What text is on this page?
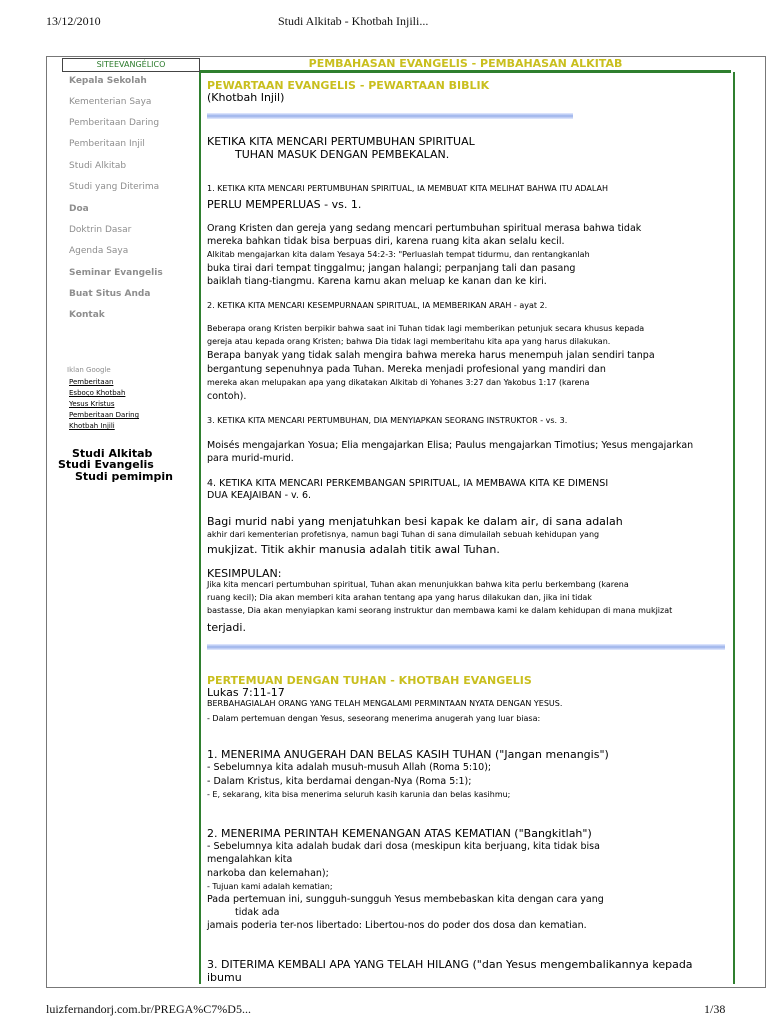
13/12/2010	Studi Alkitab - Khotbah Injili...
SITEEVANGÉLICO	PEMBAHASAN EVANGELIS - PEMBAHASAN ALKITAB
Kepala Sekolah
Kementerian Saya
Pemberitaan Daring
Pemberitaan Injil
Studi Alkitab
Studi yang Diterima
Doa
Doktrin Dasar
Agenda Saya
Seminar Evangelis
Buat Situs Anda
Kontak
Iklan Google
Pemberitaan
Esboço Khotbah
Yesus Kristus
Pemberitaan Daring
Khotbah Injili
Studi Alkitab
Studi Evangelis
Studi pemimpin
PEWARTAAN EVANGELIS - PEWARTAAN BIBLIK
(Khotbah Injil)
KETIKA KITA MENCARI PERTUMBUHAN SPIRITUAL
TUHAN MASUK DENGAN PEMBEKALAN.
1. KETIKA KITA MENCARI PERTUMBUHAN SPIRITUAL, IA MEMBUAT KITA MELIHAT BAHWA ITU ADALAH
PERLU MEMPERLUAS - vs. 1.
Orang Kristen dan gereja yang sedang mencari pertumbuhan spiritual merasa bahwa tidak
mereka bahkan tidak bisa berpuas diri, karena ruang kita akan selalu kecil.
Alkitab mengajarkan kita dalam Yesaya 54:2-3: "Perluaslah tempat tidurmu, dan rentangkanlah
buka tirai dari tempat tinggalmu; jangan halangi; perpanjang tali dan pasang
baiklah tiang-tiangmu. Karena kamu akan meluap ke kanan dan ke kiri.
2. KETIKA KITA MENCARI KESEMPURNAAN SPIRITUAL, IA MEMBERIKAN ARAH - ayat 2.
Beberapa orang Kristen berpikir bahwa saat ini Tuhan tidak lagi memberikan petunjuk secara khusus kepada
gereja atau kepada orang Kristen; bahwa Dia tidak lagi memberitahu kita apa yang harus dilakukan.
Berapa banyak yang tidak salah mengira bahwa mereka harus menempuh jalan sendiri tanpa
bergantung sepenuhnya pada Tuhan. Mereka menjadi profesional yang mandiri dan
mereka akan melupakan apa yang dikatakan Alkitab di Yohanes 3:27 dan Yakobus 1:17 (karena
contoh).
3. KETIKA KITA MENCARI PERTUMBUHAN, DIA MENYIAPKAN SEORANG INSTRUKTOR - vs. 3.
Moisés mengajarkan Yosua; Elia mengajarkan Elisa; Paulus mengajarkan Timotius; Yesus mengajarkan
para murid-murid.
4. KETIKA KITA MENCARI PERKEMBANGAN SPIRITUAL, IA MEMBAWA KITA KE DIMENSI
DUA KEAJAIBAN - v. 6.
Bagi murid nabi yang menjatuhkan besi kapak ke dalam air, di sana adalah
akhir dari kementerian profetisnya, namun bagi Tuhan di sana dimulailah sebuah kehidupan yang
mukjizat. Titik akhir manusia adalah titik awal Tuhan.
KESIMPULAN:
Jika kita mencari pertumbuhan spiritual, Tuhan akan menunjukkan bahwa kita perlu berkembang (karena
ruang kecil); Dia akan memberi kita arahan tentang apa yang harus dilakukan dan, jika ini tidak
bastasse, Dia akan menyiapkan kami seorang instruktur dan membawa kami ke dalam kehidupan di mana mukjizat
terjadi.
PERTEMUAN DENGAN TUHAN - KHOTBAH EVANGELIS
Lukas 7:11-17
BERBAHAGIALAH ORANG YANG TELAH MENGALAMI PERMINTAAN NYATA DENGAN YESUS.
- Dalam pertemuan dengan Yesus, seseorang menerima anugerah yang luar biasa:
1. MENERIMA ANUGERAH DAN BELAS KASIH TUHAN ("Jangan menangis")
- Sebelumnya kita adalah musuh-musuh Allah (Roma 5:10);
- Dalam Kristus, kita berdamai dengan-Nya (Roma 5:1);
- E, sekarang, kita bisa menerima seluruh kasih karunia dan belas kasihmu;
2. MENERIMA PERINTAH KEMENANGAN ATAS KEMATIAN ("Bangkitlah")
- Sebelumnya kita adalah budak dari dosa (meskipun kita berjuang, kita tidak bisa
mengalahkan kita
narkoba dan kelemahan);
- Tujuan kami adalah kematian;
Pada pertemuan ini, sungguh-sungguh Yesus membebaskan kita dengan cara yang
tidak ada
jamais poderia ter-nos libertado: Libertou-nos do poder dos dosa dan kematian.
3. DITERIMA KEMBALI APA YANG TELAH HILANG ("dan Yesus mengembalikannya kepada
ibumu
luizfernandorj.com.br/PREGA%C7%D5...	1/38
